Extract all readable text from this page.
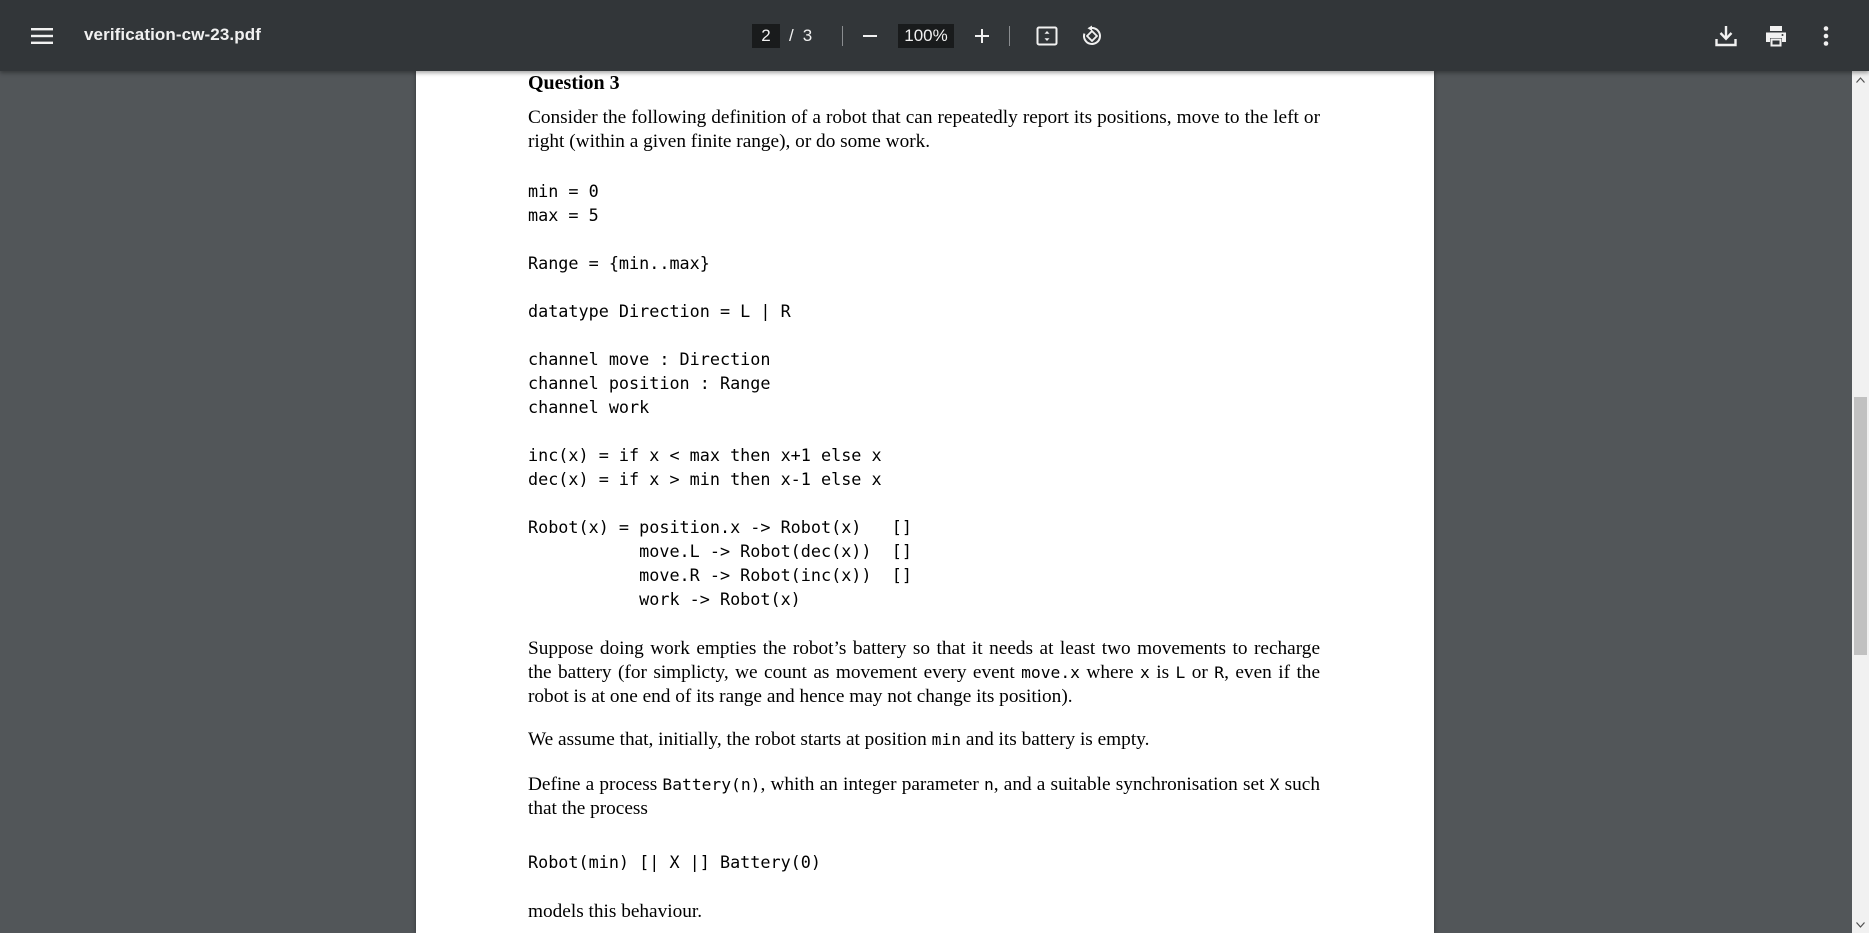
verification-cw-23.pdf	2	/ 3	100%
Question 3
Consider the following definition of a robot that can repeatedly report its positions, move to the left or right (within a given finite range), or do some work.
min = 0
max = 5
Range = {min..max}
datatype Direction = L | R
channel move : Direction
channel position : Range
channel work
inc(x) = if x < max then x+1 else x
dec(x) = if x > min then x-1 else x
Robot(x) = position.x -> Robot(x)   []
move.L -> Robot(dec(x))  []
move.R -> Robot(inc(x))  []
work -> Robot(x)
Suppose doing work empties the robot’s battery so that it needs at least two movements to recharge the battery (for simplicty, we count as movement every event move.x where x is L or R, even if the robot is at one end of its range and hence may not change its position).
We assume that, initially, the robot starts at position min and its battery is empty.
Define a process Battery(n), whith an integer parameter n, and a suitable synchronisation set X such that the process
Robot(min) [| X |] Battery(0)
models this behaviour.
